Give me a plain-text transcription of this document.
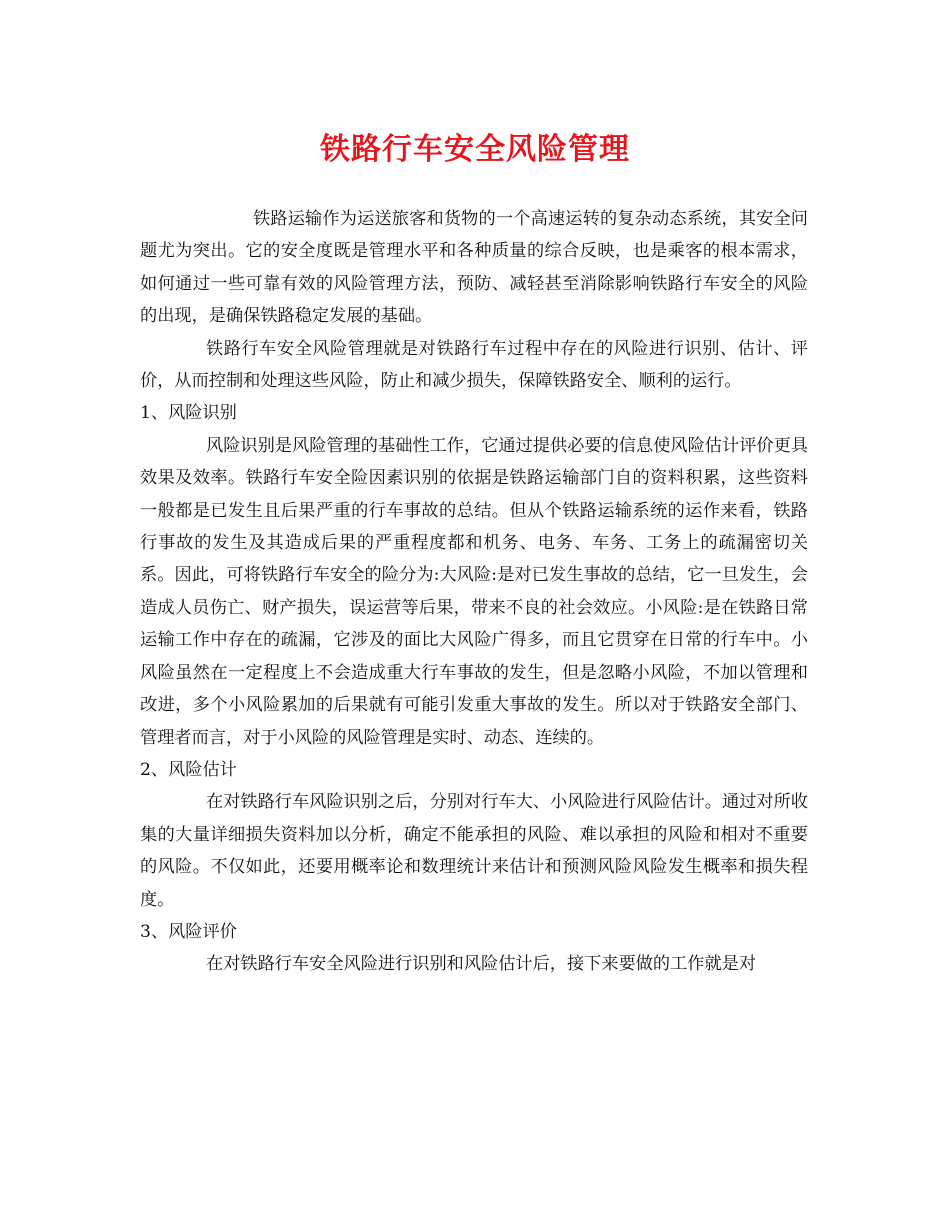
铁路行车安全风险管理

铁路运输作为运送旅客和货物的一个高速运转的复杂动态系统，其安全问题尤为突出。它的安全度既是管理水平和各种质量的综合反映，也是乘客的根本需求，如何通过一些可靠有效的风险管理方法，预防、减轻甚至消除影响铁路行车安全的风险的出现，是确保铁路稳定发展的基础。

铁路行车安全风险管理就是对铁路行车过程中存在的风险进行识别、估计、评价，从而控制和处理这些风险，防止和减少损失，保障铁路安全、顺利的运行。

1、风险识别

风险识别是风险管理的基础性工作，它通过提供必要的信息使风险估计评价更具效果及效率。铁路行车安全险因素识别的依据是铁路运输部门自的资料积累，这些资料一般都是已发生且后果严重的行车事故的总结。但从个铁路运输系统的运作来看，铁路行事故的发生及其造成后果的严重程度都和机务、电务、车务、工务上的疏漏密切关系。因此，可将铁路行车安全的险分为:大风险:是对已发生事故的总结，它一旦发生，会造成人员伤亡、财产损失，误运营等后果，带来不良的社会效应。小风险:是在铁路日常运输工作中存在的疏漏，它涉及的面比大风险广得多，而且它贯穿在日常的行车中。小风险虽然在一定程度上不会造成重大行车事故的发生，但是忽略小风险，不加以管理和改进，多个小风险累加的后果就有可能引发重大事故的发生。所以对于铁路安全部门、管理者而言，对于小风险的风险管理是实时、动态、连续的。

2、风险估计

在对铁路行车风险识别之后，分别对行车大、小风险进行风险估计。通过对所收集的大量详细损失资料加以分析，确定不能承担的风险、难以承担的风险和相对不重要的风险。不仅如此，还要用概率论和数理统计来估计和预测风险风险发生概率和损失程度。

3、风险评价

在对铁路行车安全风险进行识别和风险估计后，接下来要做的工作就是对
